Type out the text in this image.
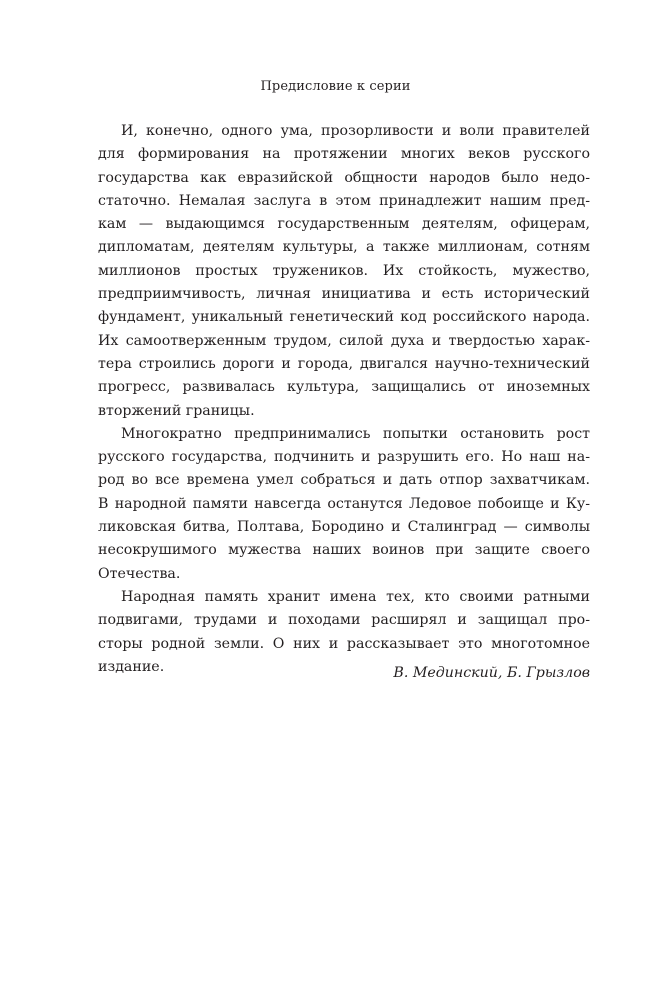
Предисловие к серии
И, конечно, одного ума, прозорливости и воли правителей
для формирования на протяжении многих веков русского
государства как евразийской общности народов было недо-
статочно. Немалая заслуга в этом принадлежит нашим пред-
кам — выдающимся государственным деятелям, офицерам,
дипломатам, деятелям культуры, а также миллионам, сотням
миллионов простых тружеников. Их стойкость, мужество,
предприимчивость, личная инициатива и есть исторический
фундамент, уникальный генетический код российского народа.
Их самоотверженным трудом, силой духа и твердостью харак-
тера строились дороги и города, двигался научно-технический
прогресс, развивалась культура, защищались от иноземных
вторжений границы.
Многократно предпринимались попытки остановить рост
русского государства, подчинить и разрушить его. Но наш на-
род во все времена умел собраться и дать отпор захватчикам.
В народной памяти навсегда останутся Ледовое побоище и Ку-
ликовская битва, Полтава, Бородино и Сталинград — символы
несокрушимого мужества наших воинов при защите своего
Отечества.
Народная память хранит имена тех, кто своими ратными
подвигами, трудами и походами расширял и защищал про-
сторы родной земли. О них и рассказывает это многотомное
издание.	В. Мединский, Б. Грызлов
